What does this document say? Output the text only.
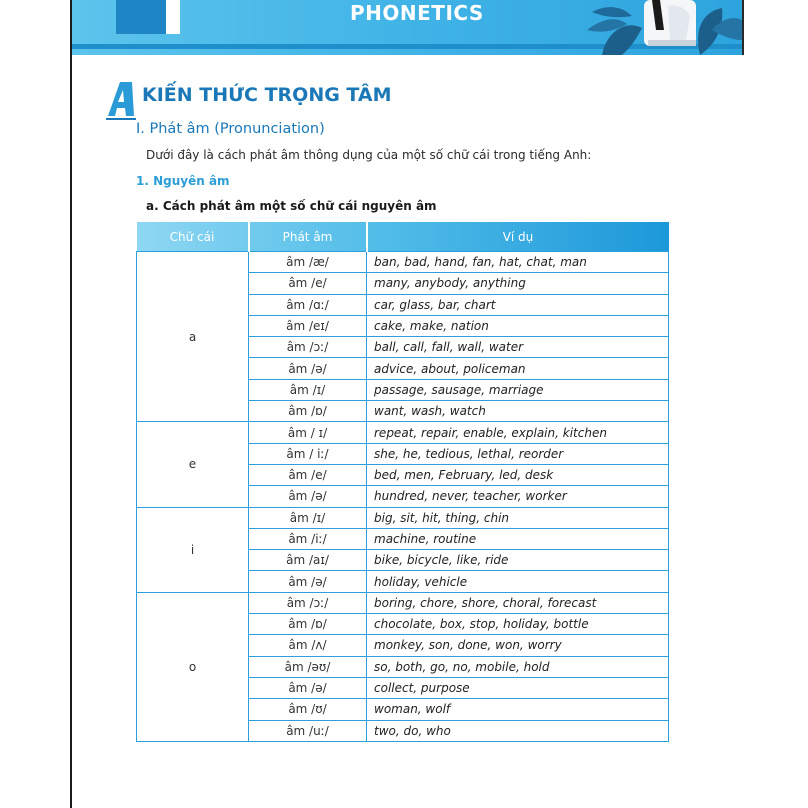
PHONETICS
KIẾN THỨC TRỌNG TÂM
I. Phát âm (Pronunciation)
Dưới đây là cách phát âm thông dụng của một số chữ cái trong tiếng Anh:
1. Nguyên âm
a. Cách phát âm một số chữ cái nguyên âm
Chữ cái	Phát âm	Ví dụ
a	âm /æ/	ban, bad, hand, fan, hat, chat, man
	âm /e/	many, anybody, anything
	âm /ɑː/	car, glass, bar, chart
	âm /eɪ/	cake, make, nation
	âm /ɔː/	ball, call, fall, wall, water
	âm /ə/	advice, about, policeman
	âm /ɪ/	passage, sausage, marriage
	âm /ɒ/	want, wash, watch
e	âm / ɪ/	repeat, repair, enable, explain, kitchen
	âm / iː/	she, he, tedious, lethal, reorder
	âm /e/	bed, men, February, led, desk
	âm /ə/	hundred, never, teacher, worker
i	âm /ɪ/	big, sit, hit, thing, chin
	âm /iː/	machine, routine
	âm /aɪ/	bike, bicycle, like, ride
	âm /ə/	holiday, vehicle
o	âm /ɔː/	boring, chore, shore, choral, forecast
	âm /ɒ/	chocolate, box, stop, holiday, bottle
	âm /ʌ/	monkey, son, done, won, worry
	âm /əʊ/	so, both, go, no, mobile, hold
	âm /ə/	collect, purpose
	âm /ʊ/	woman, wolf
	âm /uː/	two, do, who
